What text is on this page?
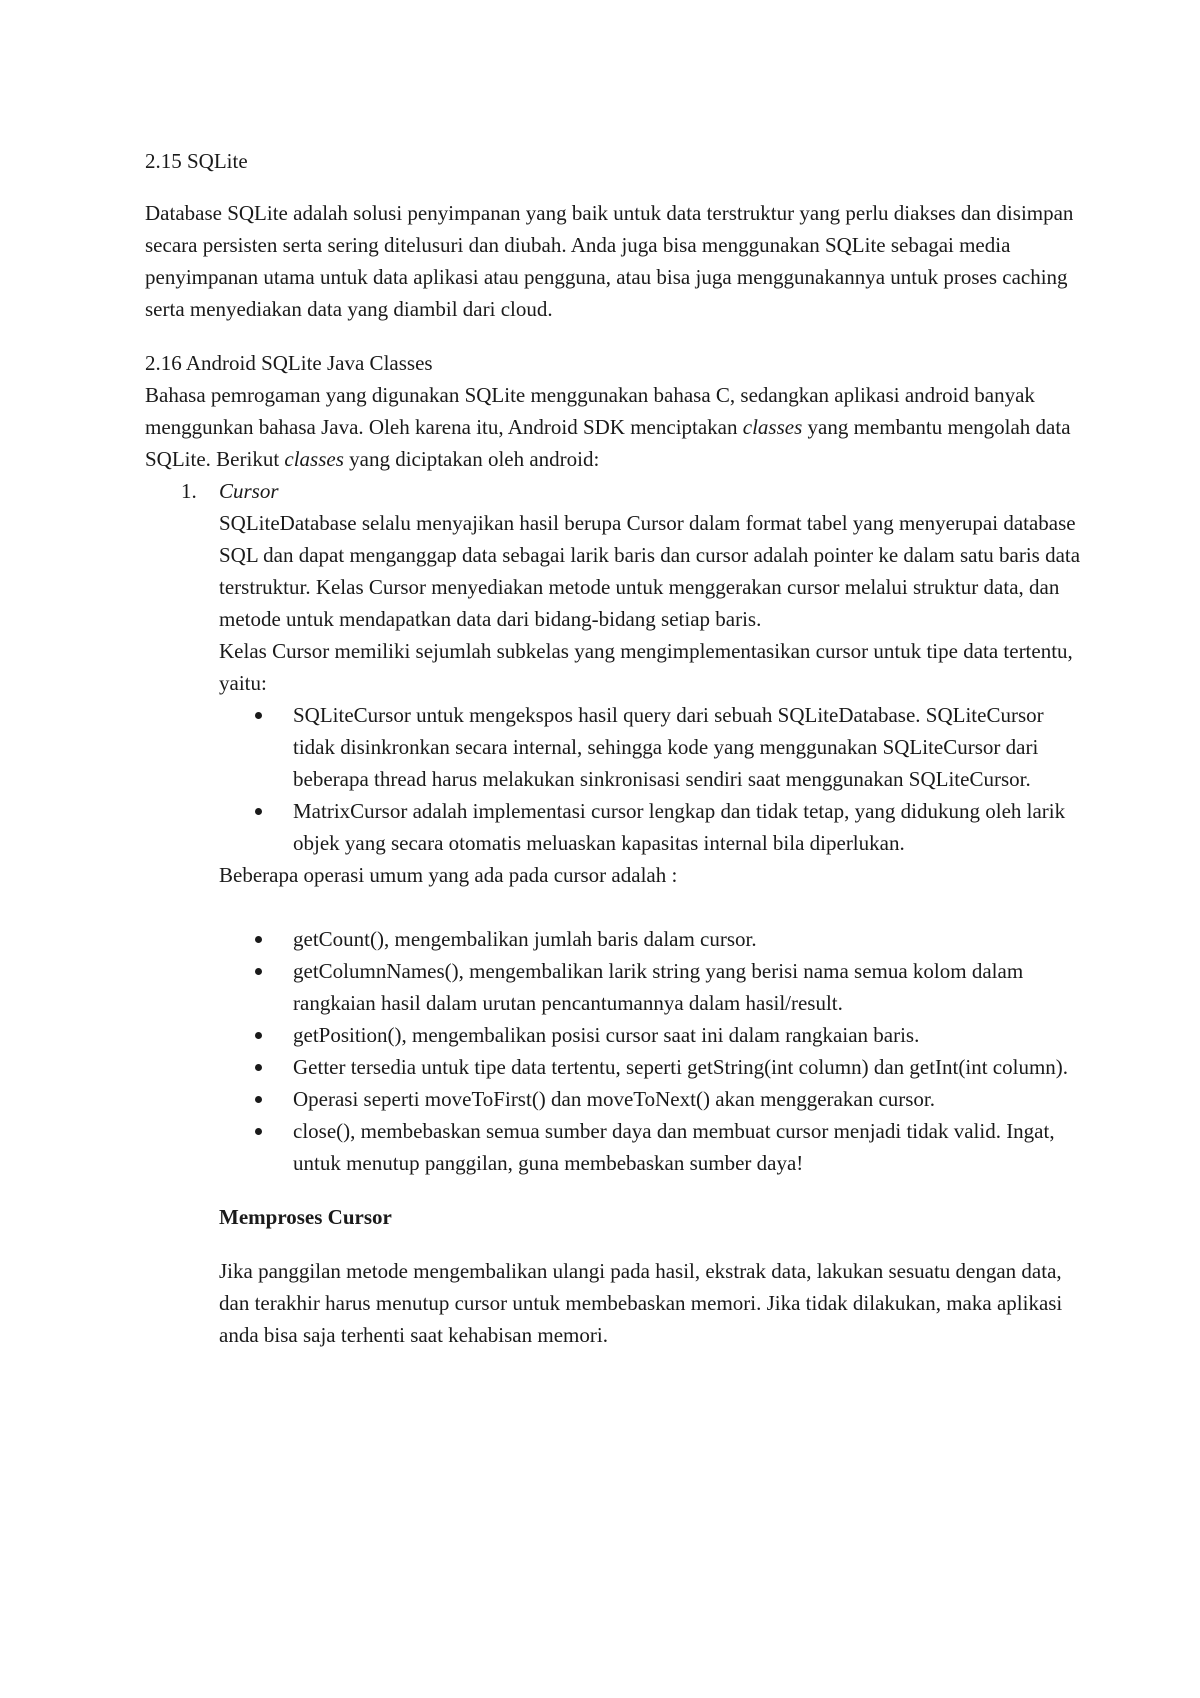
2.15 SQLite

Database SQLite adalah solusi penyimpanan yang baik untuk data terstruktur yang perlu diakses dan disimpan secara persisten serta sering ditelusuri dan diubah. Anda juga bisa menggunakan SQLite sebagai media penyimpanan utama untuk data aplikasi atau pengguna, atau bisa juga menggunakannya untuk proses caching serta menyediakan data yang diambil dari cloud.

2.16 Android SQLite Java Classes

Bahasa pemrogaman yang digunakan SQLite menggunakan bahasa C, sedangkan aplikasi android banyak menggunkan bahasa Java. Oleh karena itu, Android SDK menciptakan classes yang membantu mengolah data SQLite. Berikut classes yang diciptakan oleh android:

1. Cursor

SQLiteDatabase selalu menyajikan hasil berupa Cursor dalam format tabel yang menyerupai database SQL dan dapat menganggap data sebagai larik baris dan cursor adalah pointer ke dalam satu baris data terstruktur. Kelas Cursor menyediakan metode untuk menggerakan cursor melalui struktur data, dan metode untuk mendapatkan data dari bidang-bidang setiap baris.

Kelas Cursor memiliki sejumlah subkelas yang mengimplementasikan cursor untuk tipe data tertentu, yaitu:

SQLiteCursor untuk mengekspos hasil query dari sebuah SQLiteDatabase. SQLiteCursor tidak disinkronkan secara internal, sehingga kode yang menggunakan SQLiteCursor dari beberapa thread harus melakukan sinkronisasi sendiri saat menggunakan SQLiteCursor.
MatrixCursor adalah implementasi cursor lengkap dan tidak tetap, yang didukung oleh larik objek yang secara otomatis meluaskan kapasitas internal bila diperlukan.

Beberapa operasi umum yang ada pada cursor adalah :

getCount(), mengembalikan jumlah baris dalam cursor.
getColumnNames(), mengembalikan larik string yang berisi nama semua kolom dalam rangkaian hasil dalam urutan pencantumannya dalam hasil/result.
getPosition(), mengembalikan posisi cursor saat ini dalam rangkaian baris.
Getter tersedia untuk tipe data tertentu, seperti getString(int column) dan getInt(int column).
Operasi seperti moveToFirst() dan moveToNext() akan menggerakan cursor.
close(), membebaskan semua sumber daya dan membuat cursor menjadi tidak valid. Ingat, untuk menutup panggilan, guna membebaskan sumber daya!

Memproses Cursor

Jika panggilan metode mengembalikan ulangi pada hasil, ekstrak data, lakukan sesuatu dengan data, dan terakhir harus menutup cursor untuk membebaskan memori. Jika tidak dilakukan, maka aplikasi anda bisa saja terhenti saat kehabisan memori.
